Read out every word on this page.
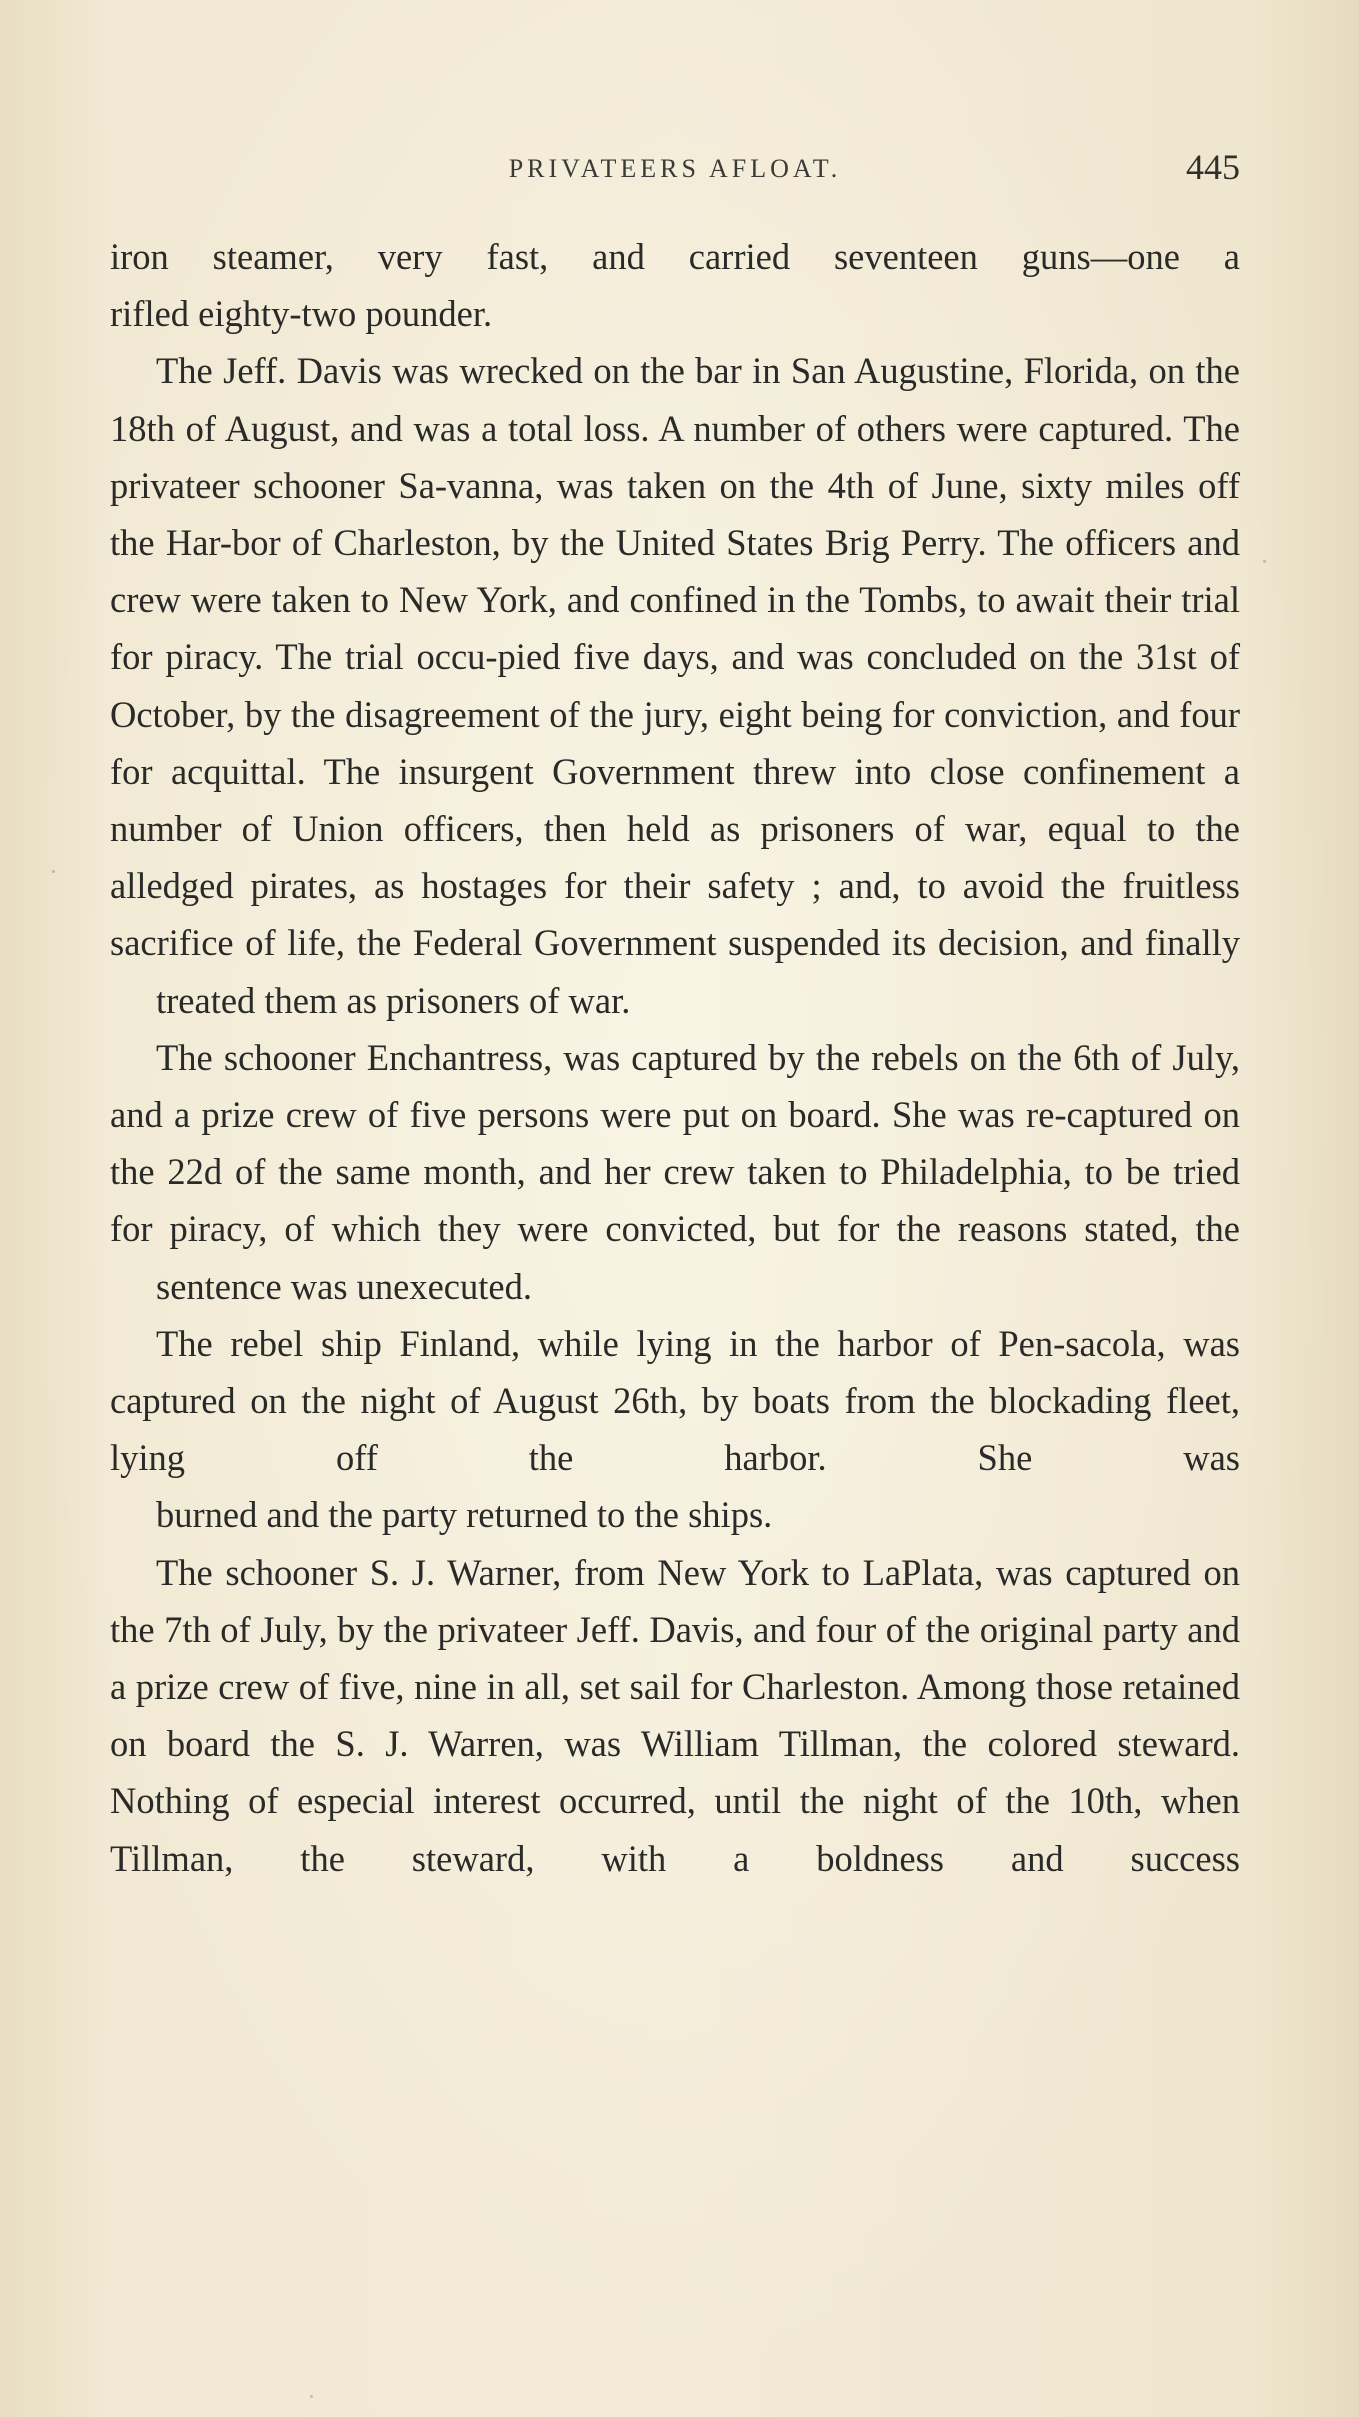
PRIVATEERS AFLOAT.	445

iron steamer, very fast, and carried seventeen guns—one a
rifled eighty-two pounder.

The Jeff. Davis was wrecked on the bar in San Augustine, Florida, on the 18th of August, and was a total loss. A number of others were captured. The privateer schooner Sa-vanna, was taken on the 4th of June, sixty miles off the Har-bor of Charleston, by the United States Brig Perry. The officers and crew were taken to New York, and confined in the Tombs, to await their trial for piracy. The trial occu-pied five days, and was concluded on the 31st of October, by the disagreement of the jury, eight being for conviction, and four for acquittal. The insurgent Government threw into close confinement a number of Union officers, then held as prisoners of war, equal to the alledged pirates, as hostages for their safety ; and, to avoid the fruitless sacrifice of life, the Federal Government suspended its decision, and finally
treated them as prisoners of war.

The schooner Enchantress, was captured by the rebels on the 6th of July, and a prize crew of five persons were put on board. She was re-captured on the 22d of the same month, and her crew taken to Philadelphia, to be tried for piracy, of which they were convicted, but for the reasons stated, the
sentence was unexecuted.

The rebel ship Finland, while lying in the harbor of Pen-sacola, was captured on the night of August 26th, by boats from the blockading fleet, lying off the harbor. She was
burned and the party returned to the ships.

The schooner S. J. Warner, from New York to LaPlata, was captured on the 7th of July, by the privateer Jeff. Davis, and four of the original party and a prize crew of five, nine in all, set sail for Charleston. Among those retained on board the S. J. Warren, was William Tillman, the colored steward. Nothing of especial interest occurred, until the night of the 10th, when Tillman, the steward, with a boldness and success
